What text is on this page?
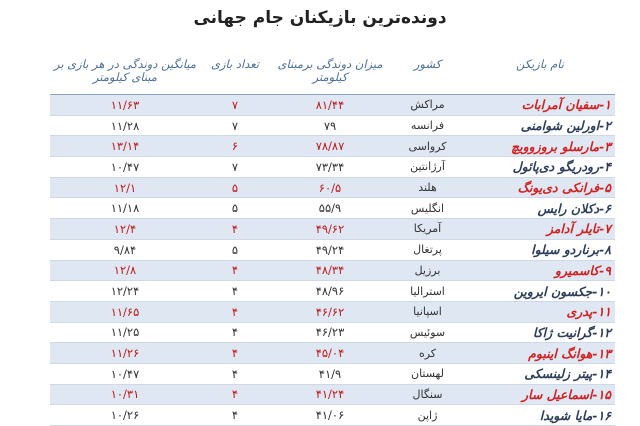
دونده‌ترین بازیکنان جام جهانی
نام بازیکن	کشور	میزان دوندگی برمبنای کیلومتر	تعداد بازی	میانگین دوندگی در هر بازی بر مبنای کیلومتر
۱-سفیان آمرابات	مراکش	۸۱/۴۴	۷	۱۱/۶۳
۲-اورلین شوامنی	فرانسه	۷۹	۷	۱۱/۲۸
۳-مارسلو بروزوویچ	کرواسی	۷۸/۸۷	۶	۱۳/۱۴
۴-رودریگو دی‌پائول	آرژانتین	۷۳/۳۴	۷	۱۰/۴۷
۵-فرانکی دی‌یونگ	هلند	۶۰/۵	۵	۱۲/۱
۶-دکلان رایس	انگلیس	۵۵/۹	۵	۱۱/۱۸
۷-تایلر آدامز	آمریکا	۴۹/۶۲	۴	۱۲/۴
۸-برناردو سیلوا	پرتغال	۴۹/۲۴	۵	۹/۸۴
۹-کاسمیرو	برزیل	۴۸/۳۴	۴	۱۲/۸
۱۰-جکسون ایروین	استرالیا	۴۸/۹۶	۴	۱۲/۲۴
۱۱-پدری	اسپانیا	۴۶/۶۲	۴	۱۱/۶۵
۱۲-گرانیت ژاکا	سوئیس	۴۶/۲۳	۴	۱۱/۲۵
۱۳-هوانگ اینبوم	کره	۴۵/۰۴	۴	۱۱/۲۶
۱۴-پیتر زلینسکی	لهستان	۴۱/۹	۴	۱۰/۴۷
۱۵-اسماعیل سار	سنگال	۴۱/۲۴	۴	۱۰/۳۱
۱۶-مایا شویدا	ژاپن	۴۱/۰۶	۴	۱۰/۲۶
